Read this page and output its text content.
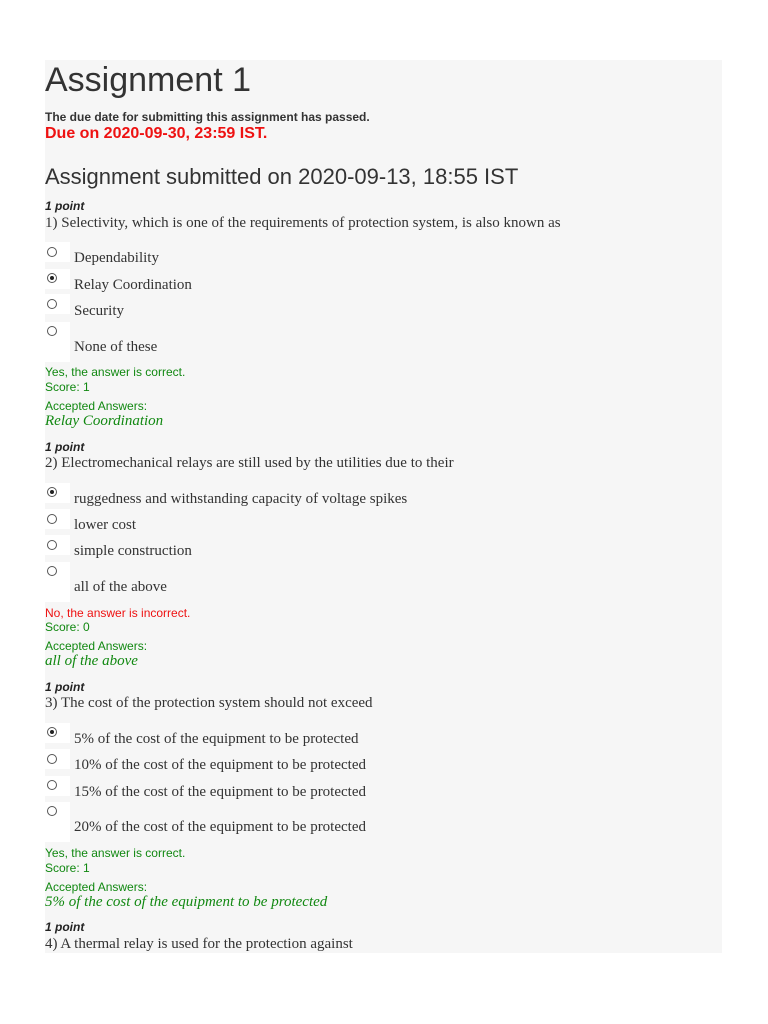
Assignment 1
The due date for submitting this assignment has passed.
Due on 2020-09-30, 23:59 IST.
Assignment submitted on 2020-09-13, 18:55 IST
1 point
1) Selectivity, which is one of the requirements of protection system, is also known as
Dependability
Relay Coordination
Security
None of these
Yes, the answer is correct.
Score: 1
Accepted Answers:
Relay Coordination
1 point
2) Electromechanical relays are still used by the utilities due to their
ruggedness and withstanding capacity of voltage spikes
lower cost
simple construction
all of the above
No, the answer is incorrect.
Score: 0
Accepted Answers:
all of the above
1 point
3) The cost of the protection system should not exceed
5% of the cost of the equipment to be protected
10% of the cost of the equipment to be protected
15% of the cost of the equipment to be protected
20% of the cost of the equipment to be protected
Yes, the answer is correct.
Score: 1
Accepted Answers:
5% of the cost of the equipment to be protected
1 point
4) A thermal relay is used for the protection against
